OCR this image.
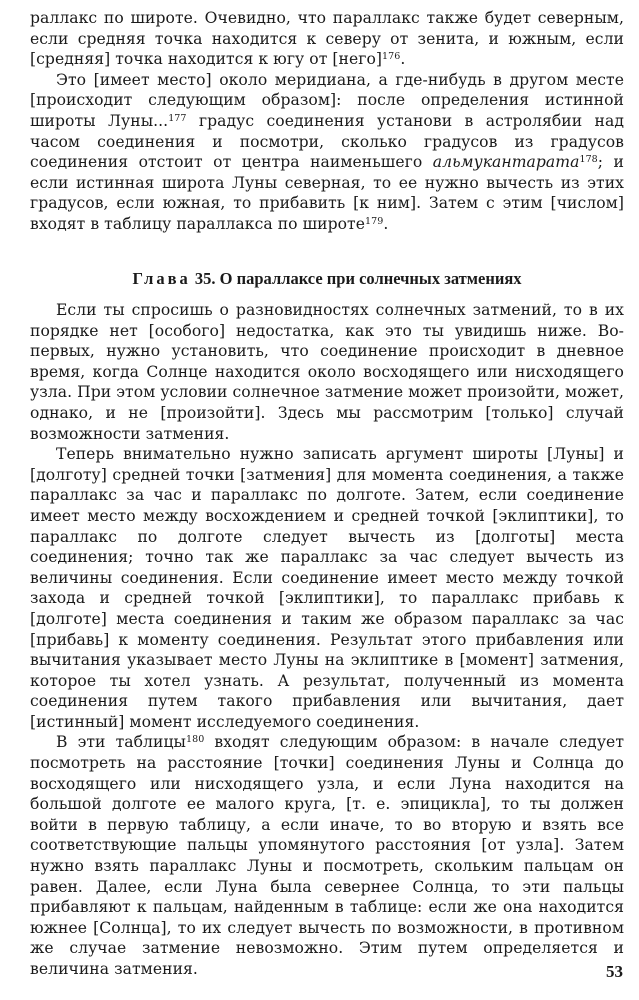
раллакс по широте. Очевидно, что параллакс также будет северным, если средняя точка находится к северу от зенита, и южным, если [средняя] точка находится к югу от [него]$^{176}$.

Это [имеет место] около меридиана, а где-нибудь в другом месте [происходит следующим образом]: после определения истинной широты Луны...$^{177}$ градус соединения установи в астролябии над часом соединения и посмотри, сколько градусов из градусов соединения отстоит от центра наименьшего альмукантарата$^{178}$; и если истинная широта Луны северная, то ее нужно вычесть из этих градусов, если южная, то прибавить [к ним]. Затем с этим [числом] входят в таблицу параллакса по широте$^{179}$.

Глава 35. О параллаксе при солнечных затмениях

Если ты спросишь о разновидностях солнечных затмений, то в их порядке нет [особого] недостатка, как это ты увидишь ниже. Во-первых, нужно установить, что соединение происходит в дневное время, когда Солнце находится около восходящего или нисходящего узла. При этом условии солнечное затмение может произойти, может, однако, и не [произойти]. Здесь мы рассмотрим [только] случай возможности затмения.

Теперь внимательно нужно записать аргумент широты [Луны] и [долготу] средней точки [затмения] для момента соединения, а также параллакс за час и параллакс по долготе. Затем, если соединение имеет место между восхождением и средней точкой [эклиптики], то параллакс по долготе следует вычесть из [долготы] места соединения; точно так же параллакс за час следует вычесть из величины соединения. Если соединение имеет место между точкой захода и средней точкой [эклиптики], то параллакс прибавь к [долготе] места соединения и таким же образом параллакс за час [прибавь] к моменту соединения. Результат этого прибавления или вычитания указывает место Луны на эклиптике в [момент] затмения, которое ты хотел узнать. А результат, полученный из момента соединения путем такого прибавления или вычитания, дает [истинный] момент исследуемого соединения.

В эти таблицы$^{180}$ входят следующим образом: в начале следует посмотреть на расстояние [точки] соединения Луны и Солнца до восходящего или нисходящего узла, и если Луна находится на большой долготе ее малого круга, [т. е. эпицикла], то ты должен войти в первую таблицу, а если иначе, то во вторую и взять все соответствующие пальцы упомянутого расстояния [от узла]. Затем нужно взять параллакс Луны и посмотреть, скольким пальцам он равен. Далее, если Луна была севернее Солнца, то эти пальцы прибавляют к пальцам, найденным в таблице: если же она находится южнее [Солнца], то их следует вычесть по возможности, в противном же случае затмение невозможно. Этим путем определяется и величина затмения.	53
